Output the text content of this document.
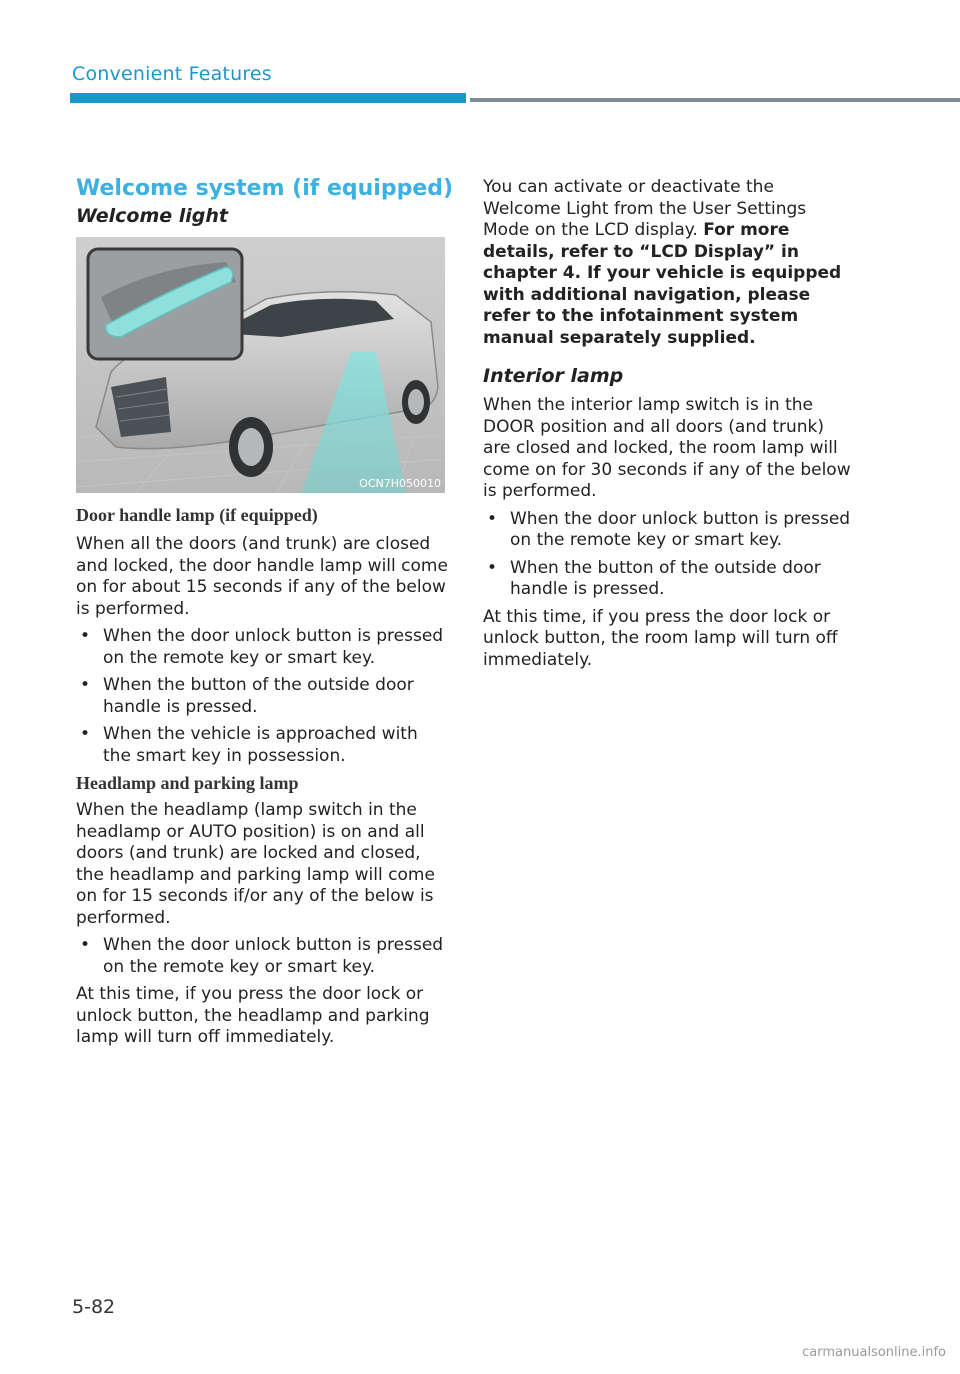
Convenient Features
Welcome system (if equipped)
Welcome light
OCN7H050010
Door handle lamp (if equipped)

When all the doors (and trunk) are closed and locked, the door handle lamp will come on for about 15 seconds if any of the below is performed.

• When the door unlock button is pressed on the remote key or smart key.
• When the button of the outside door handle is pressed.
• When the vehicle is approached with the smart key in possession.
Headlamp and parking lamp

When the headlamp (lamp switch in the headlamp or AUTO position) is on and all doors (and trunk) are locked and closed, the headlamp and parking lamp will come on for 15 seconds if/or any of the below is performed.

• When the door unlock button is pressed on the remote key or smart key.

At this time, if you press the door lock or unlock button, the headlamp and parking lamp will turn off immediately.

You can activate or deactivate the Welcome Light from the User Settings Mode on the LCD display. For more details, refer to “LCD Display” in chapter 4. If your vehicle is equipped with additional navigation, please refer to the infotainment system manual separately supplied.

Interior lamp

When the interior lamp switch is in the DOOR position and all doors (and trunk) are closed and locked, the room lamp will come on for 30 seconds if any of the below is performed.

• When the door unlock button is pressed on the remote key or smart key.
• When the button of the outside door handle is pressed.

At this time, if you press the door lock or unlock button, the room lamp will turn off immediately.

5-82
carmanualsonline.info
